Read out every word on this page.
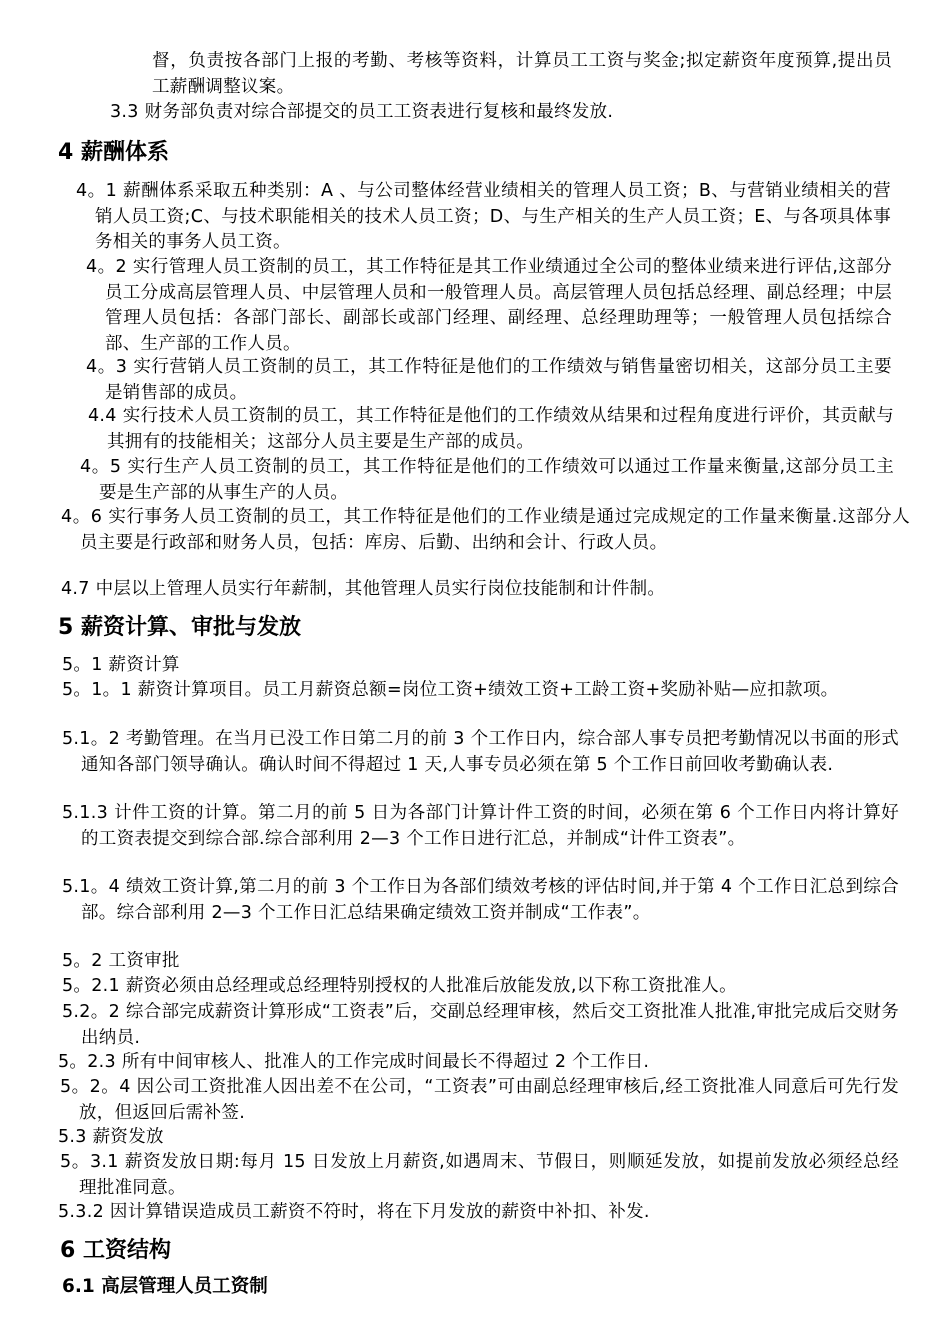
督，负责按各部门上报的考勤、考核等资料，计算员工工资与奖金;拟定薪资年度预算,提出员工薪酬调整议案。
3.3 财务部负责对综合部提交的员工工资表进行复核和最终发放.
4 薪酬体系
4。1 薪酬体系采取五种类别：A 、与公司整体经营业绩相关的管理人员工资；B、与营销业绩相关的营销人员工资;C、与技术职能相关的技术人员工资；D、与生产相关的生产人员工资；E、与各项具体事务相关的事务人员工资。
4。2 实行管理人员工资制的员工，其工作特征是其工作业绩通过全公司的整体业绩来进行评估,这部分员工分成高层管理人员、中层管理人员和一般管理人员。高层管理人员包括总经理、副总经理；中层管理人员包括：各部门部长、副部长或部门经理、副经理、总经理助理等；一般管理人员包括综合部、生产部的工作人员。
4。3 实行营销人员工资制的员工，其工作特征是他们的工作绩效与销售量密切相关，这部分员工主要是销售部的成员。
4.4 实行技术人员工资制的员工，其工作特征是他们的工作绩效从结果和过程角度进行评价，其贡献与其拥有的技能相关；这部分人员主要是生产部的成员。
4。5 实行生产人员工资制的员工，其工作特征是他们的工作绩效可以通过工作量来衡量,这部分员工主要是生产部的从事生产的人员。
4。6 实行事务人员工资制的员工，其工作特征是他们的工作业绩是通过完成规定的工作量来衡量.这部分人员主要是行政部和财务人员，包括：库房、后勤、出纳和会计、行政人员。
4.7 中层以上管理人员实行年薪制，其他管理人员实行岗位技能制和计件制。
5 薪资计算、审批与发放
5。1 薪资计算
5。1。1 薪资计算项目。员工月薪资总额=岗位工资+绩效工资+工龄工资+奖励补贴—应扣款项。
5.1。2 考勤管理。在当月已没工作日第二月的前 3 个工作日内，综合部人事专员把考勤情况以书面的形式通知各部门领导确认。确认时间不得超过 1 天,人事专员必须在第 5 个工作日前回收考勤确认表.
5.1.3 计件工资的计算。第二月的前 5 日为各部门计算计件工资的时间，必须在第 6 个工作日内将计算好的工资表提交到综合部.综合部利用 2—3 个工作日进行汇总，并制成“计件工资表”。
5.1。4 绩效工资计算,第二月的前 3 个工作日为各部们绩效考核的评估时间,并于第 4 个工作日汇总到综合部。综合部利用 2—3 个工作日汇总结果确定绩效工资并制成“工作表”。
5。2 工资审批
5。2.1 薪资必须由总经理或总经理特别授权的人批准后放能发放,以下称工资批准人。
5.2。2 综合部完成薪资计算形成“工资表”后，交副总经理审核，然后交工资批准人批准,审批完成后交财务出纳员.
5。2.3 所有中间审核人、批准人的工作完成时间最长不得超过 2 个工作日.
5。2。4 因公司工资批准人因出差不在公司，“工资表”可由副总经理审核后,经工资批准人同意后可先行发放，但返回后需补签.
5.3 薪资发放
5。3.1 薪资发放日期:每月 15 日发放上月薪资,如遇周末、节假日，则顺延发放，如提前发放必须经总经理批准同意。
5.3.2 因计算错误造成员工薪资不符时，将在下月发放的薪资中补扣、补发.
6 工资结构
6.1 高层管理人员工资制
